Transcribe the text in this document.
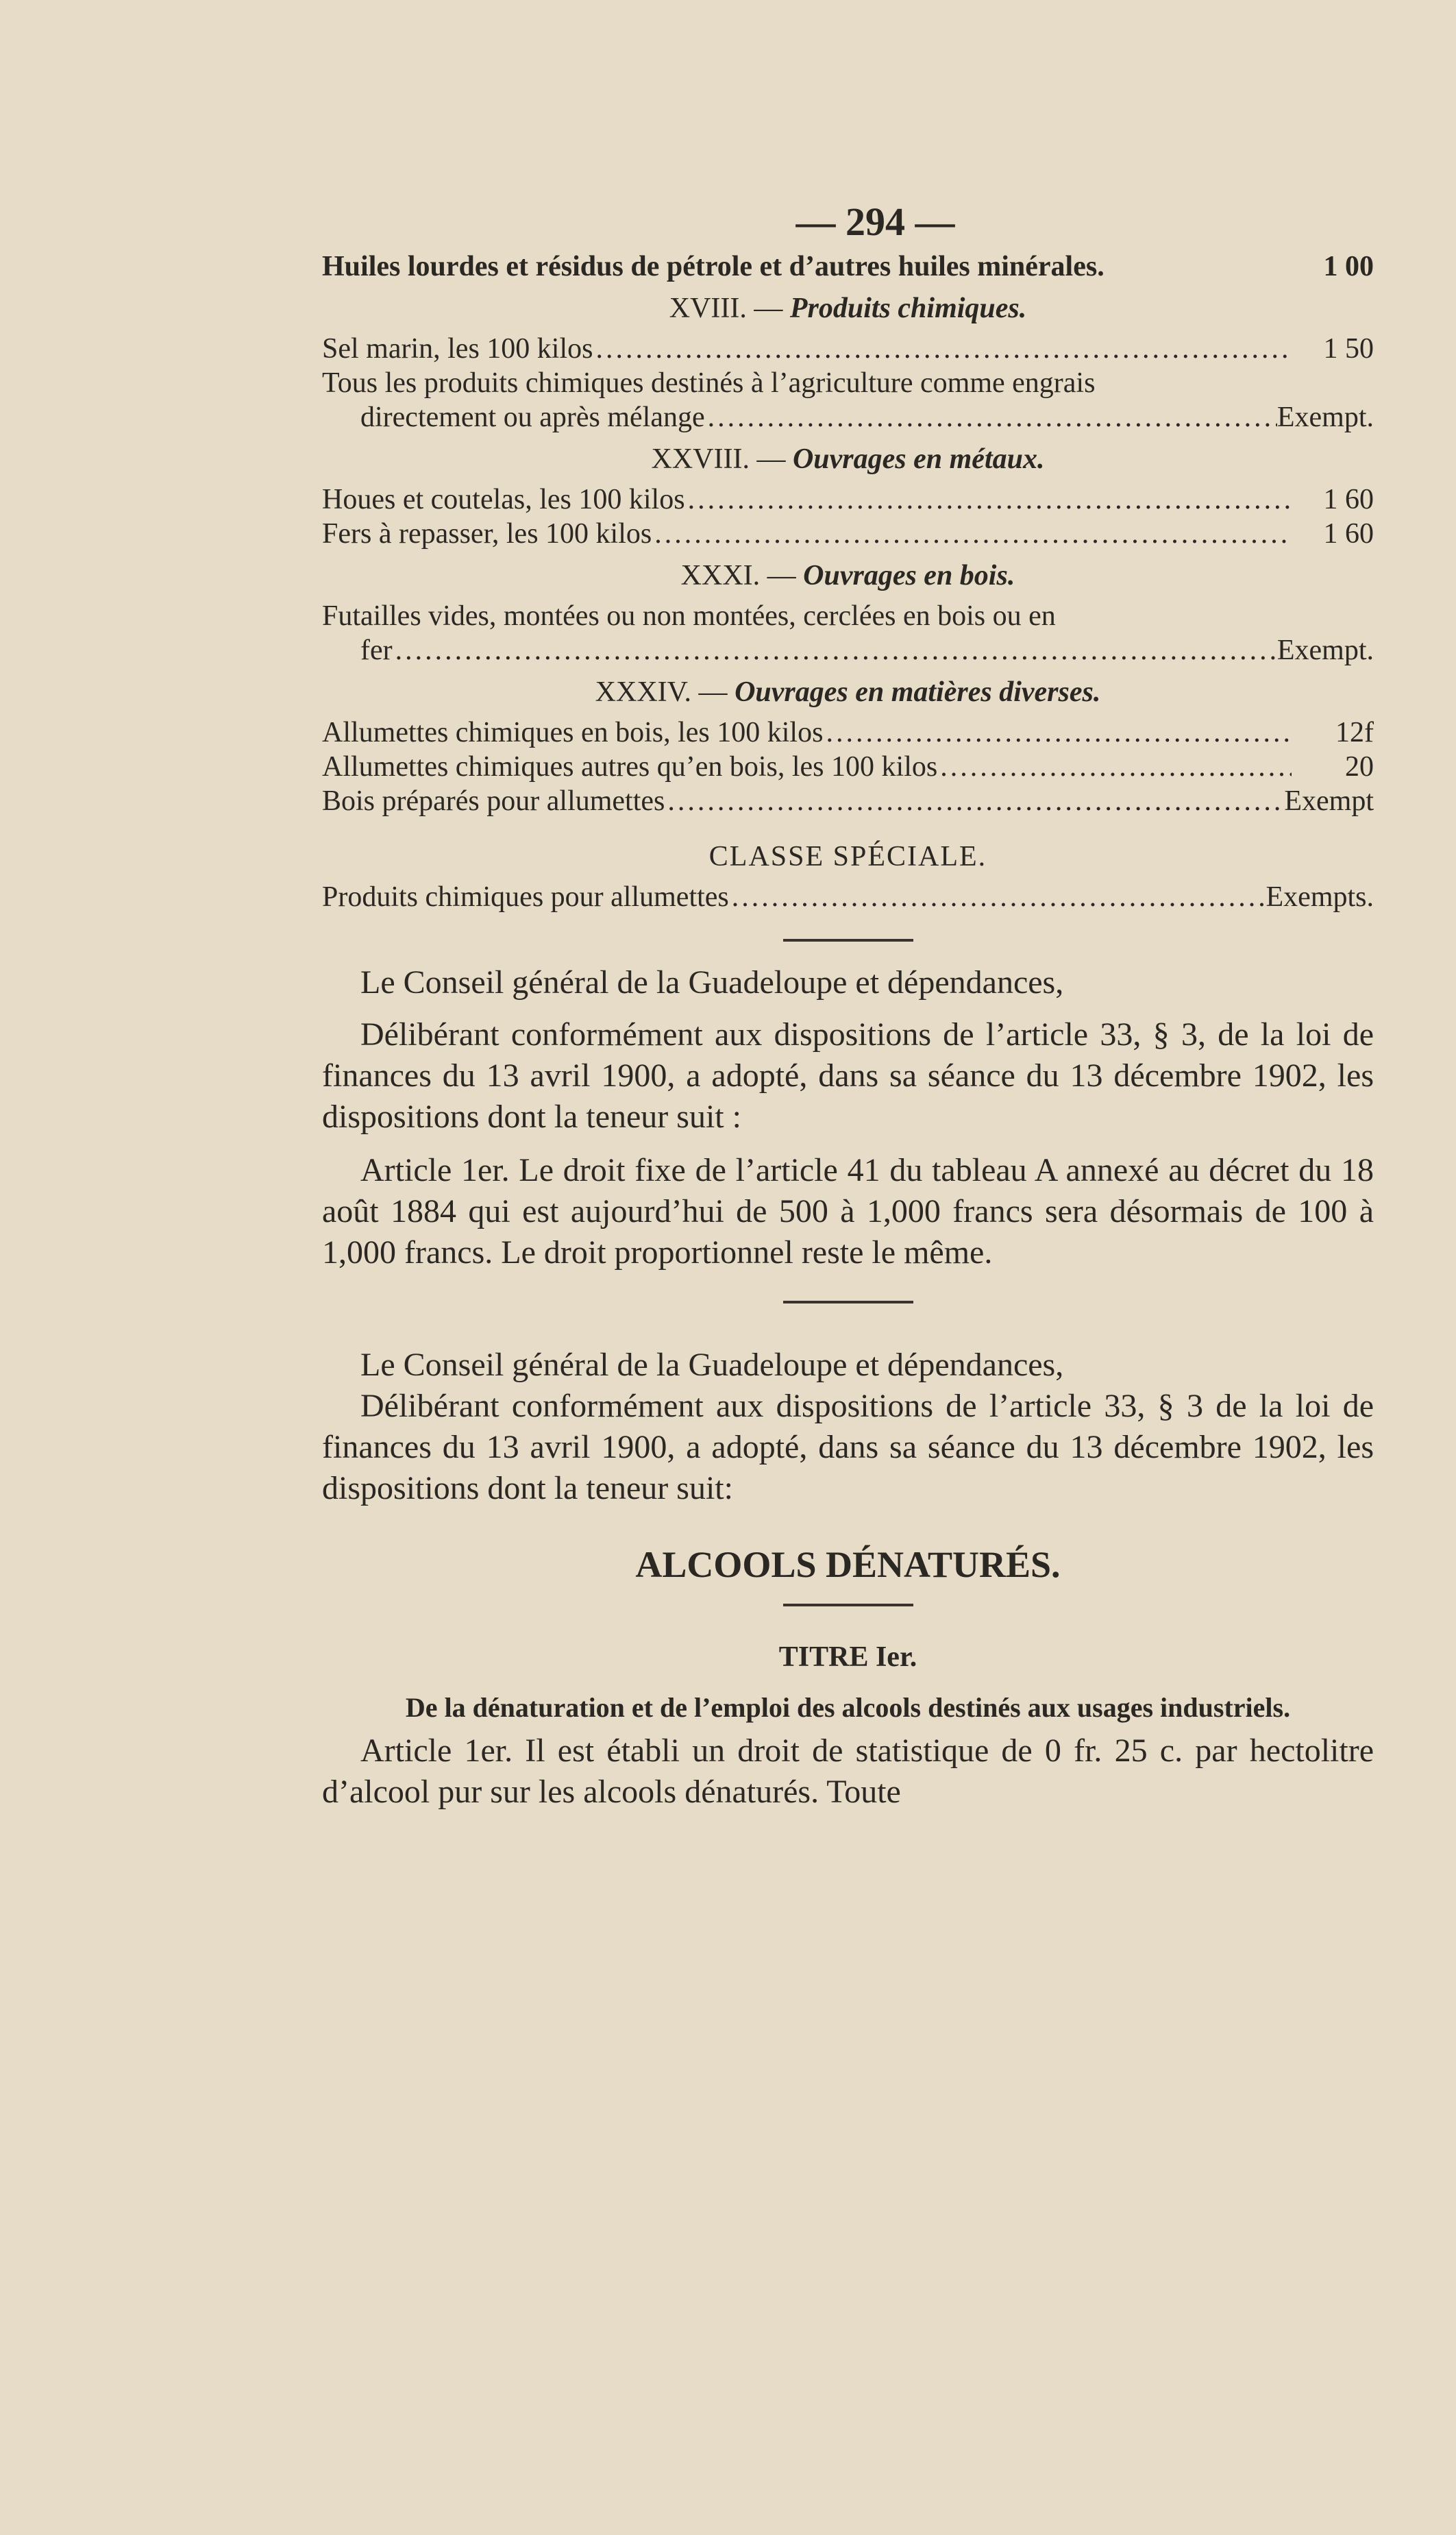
— 294 —
Huiles lourdes et résidus de pétrole et d’autres huiles minérales.	1 00
XVIII. — Produits chimiques.
Sel marin, les 100 kilos .....	1 50
Tous les produits chimiques destinés à l’agriculture comme engrais
directement ou après mélange .....	Exempt.
XXVIII. — Ouvrages en métaux.
Houes et coutelas, les 100 kilos .....	1 60
Fers à repasser, les 100 kilos .....	1 60
XXXI. — Ouvrages en bois.
Futailles vides, montées ou non montées, cerclées en bois ou en
fer .....	Exempt.
XXXIV. — Ouvrages en matières diverses.
Allumettes chimiques en bois, les 100 kilos .....	12f
Allumettes chimiques autres qu’en bois, les 100 kilos .....	20
Bois préparés pour allumettes .....	Exempt
CLASSE SPÉCIALE.
Produits chimiques pour allumettes .....	Exempts.

Le Conseil général de la Guadeloupe et dépendances,

Délibérant conformément aux dispositions de l’article 33, § 3, de la loi de finances du 13 avril 1900, a adopté, dans sa séance du 13 décembre 1902, les dispositions dont la teneur suit :

Article 1er. Le droit fixe de l’article 41 du tableau A annexé au décret du 18 août 1884 qui est aujourd’hui de 500 à 1,000 francs sera désormais de 100 à 1,000 francs. Le droit proportionnel reste le même.

Le Conseil général de la Guadeloupe et dépendances,

Délibérant conformément aux dispositions de l’article 33, § 3 de la loi de finances du 13 avril 1900, a adopté, dans sa séance du 13 décembre 1902, les dispositions dont la teneur suit:

ALCOOLS DÉNATURÉS.
TITRE Ier.
De la dénaturation et de l’emploi des alcools destinés aux usages industriels.

Article 1er. Il est établi un droit de statistique de 0 fr. 25 c. par hectolitre d’alcool pur sur les alcools dénaturés. Toute
